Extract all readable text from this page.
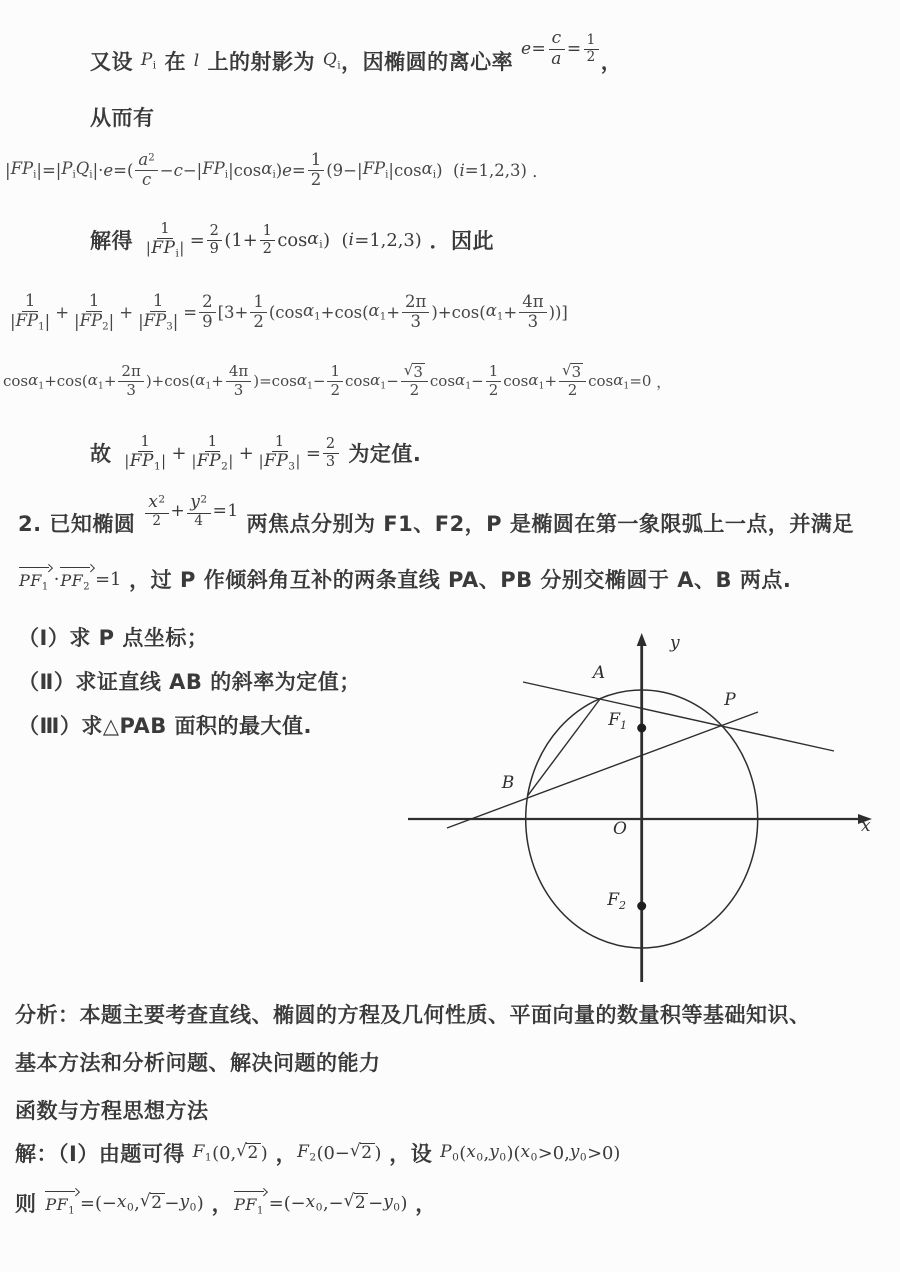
又设 $P_i$ 在 l 上的射影为 $Q_i$ ，因椭圆的离心率
$e = \frac{c}{a} = \frac{1}{2}$ ，
从而有
| $FP_i$ |=| $P_i$ $Q_i$ |· e =( $\frac{a^2}{c} - c$ −| $FP_i$ |cos $\alpha_i$ ) $e = \frac{1}{2} (9-|$ $FP_i$ |cos $\alpha_i$ )  ( i =1,2,3) ．
解得 $\frac{1}{| FP_i |} = \frac{2}{9} (1+ \frac{1}{2}$ $\cos \alpha_i$ )  ( i =1,2,3) ．因此
$\frac{1}{| FP_1 |} + \frac{1}{| FP_2 |} + \frac{1}{| FP_3 |} = \frac{2}{9} [3+ \frac{1}{2} (\cos$ $\alpha_1 +\cos$( $\alpha_1 + \frac{2\pi}{3} )+\cos$( $\alpha_1 + \frac{4\pi}{3}$ ))]
$\cos \alpha_1 +\cos$( $\alpha_1 + \frac{2\pi}{3} )+\cos$( $\alpha_1 + \frac{4\pi}{3} )=\cos$ $\alpha_1 - \frac{1}{2}$ $\cos \alpha_1 - \frac{√ 3}{2}$ $\cos \alpha_1 - \frac{1}{2}$ $\cos \alpha_1 + \frac{√ 3}{2}$ $\cos \alpha_1 =0$ ，
故 $\frac{1}{| FP_1 |} + \frac{1}{| FP_2 |} + \frac{1}{| FP_3 |} = \frac{2}{3}$ 为定值.
2. 已知椭圆 $\frac{x^2}{2} + \frac{y^2}{4} =1$
两焦点分别为 F1、F2，P 是椭圆在第一象限弧上一点，并满足
$PF_1 \cdot PF_2 =1$ ，过 P 作倾斜角互补的两条直线 PA、PB 分别交椭圆于 A、B 两点.
（Ⅰ）求 P 点坐标；
（Ⅱ）求证直线 AB 的斜率为定值；
（Ⅲ）求△PAB 面积的最大值.
y
x
O
A
B
P
$F_1$
$F_2$
分析：本题主要考查直线、椭圆的方程及几何性质、平面向量的数量积等基础知识、
基本方法和分析问题、解决问题的能力
函数与方程思想方法
解：（Ⅰ）由题可得 $F_1$ (0, √ 2 ) ， $F_2$ (0− √ 2 ) ，设 $P_0$ ( $x_0$ , $y_0$ )( $x_0 >0$, $y_0 >0$)
则 $PF_1$ =(− $x_0$ , √ $2 - y_0$ ) ， $PF_1$ =(− $x_0$ ,− √ $2 - y_0$ ) ，
